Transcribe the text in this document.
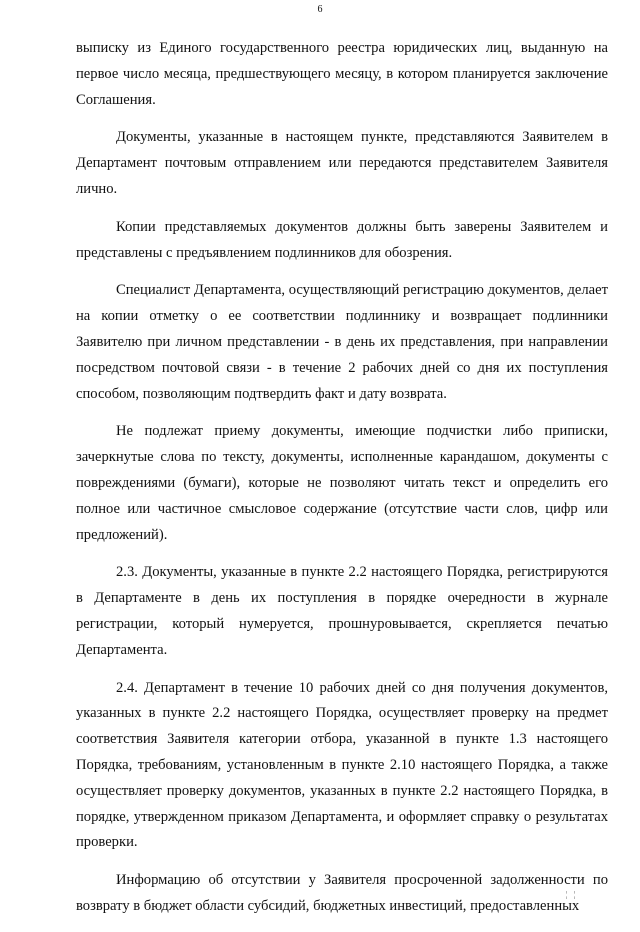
6

выписку из Единого государственного реестра юридических лиц, выданную на первое число месяца, предшествующего месяцу, в котором планируется заключение Соглашения.

Документы, указанные в настоящем пункте, представляются Заявителем в Департамент почтовым отправлением или передаются представителем Заявителя лично.

Копии представляемых документов должны быть заверены Заявителем и представлены с предъявлением подлинников для обозрения.

Специалист Департамента, осуществляющий регистрацию документов, делает на копии отметку о ее соответствии подлиннику и возвращает подлинники Заявителю при личном представлении - в день их представления, при направлении посредством почтовой связи - в течение 2 рабочих дней со дня их поступления способом, позволяющим подтвердить факт и дату возврата.

Не подлежат приему документы, имеющие подчистки либо приписки, зачеркнутые слова по тексту, документы, исполненные карандашом, документы с повреждениями (бумаги), которые не позволяют читать текст и определить его полное или частичное смысловое содержание (отсутствие части слов, цифр или предложений).

2.3. Документы, указанные в пункте 2.2 настоящего Порядка, регистрируются в Департаменте в день их поступления в порядке очередности в журнале регистрации, который нумеруется, прошнуровывается, скрепляется печатью Департамента.

2.4. Департамент в течение 10 рабочих дней со дня получения документов, указанных в пункте 2.2 настоящего Порядка, осуществляет проверку на предмет соответствия Заявителя категории отбора, указанной в пункте 1.3 настоящего Порядка, требованиям, установленным в пункте 2.10 настоящего Порядка, а также осуществляет проверку документов, указанных в пункте 2.2 настоящего Порядка, в порядке, утвержденном приказом Департамента, и оформляет справку о результатах проверки.

Информацию об отсутствии у Заявителя просроченной задолженности по возврату в бюджет области субсидий, бюджетных инвестиций, предоставленных

¦ ¦
